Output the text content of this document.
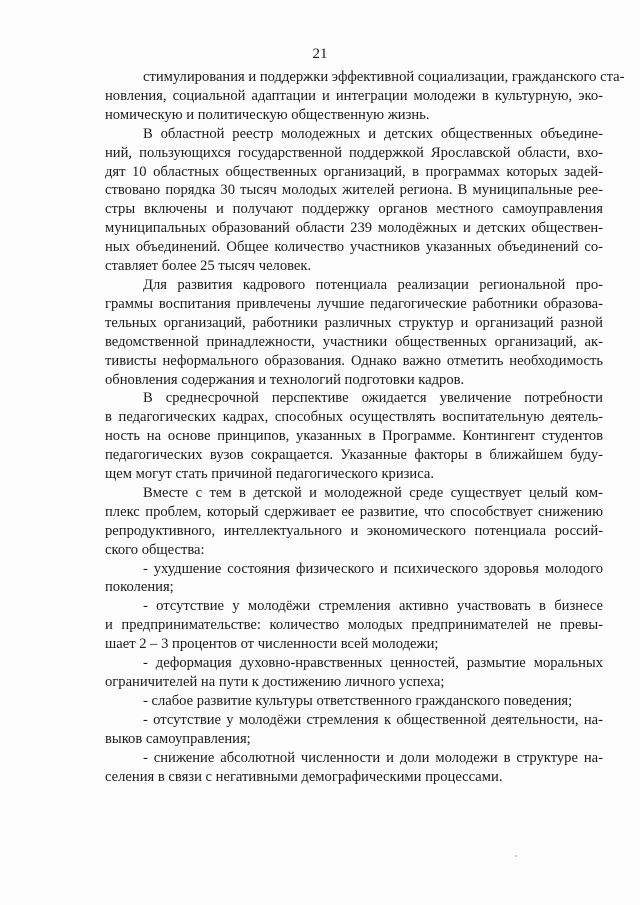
21
стимулирования и поддержки эффективной социализации, гражданского ста-
новления, социальной адаптации и интеграции молодежи в культурную, эко-
номическую и политическую общественную жизнь.
В областной реестр молодежных и детских общественных объедине-
ний, пользующихся государственной поддержкой Ярославской области, вхо-
дят 10 областных общественных организаций, в программах которых задей-
ствовано порядка 30 тысяч молодых жителей региона. В муниципальные рее-
стры включены и получают поддержку органов местного самоуправления
муниципальных образований области 239 молодёжных и детских обществен-
ных объединений. Общее количество участников указанных объединений со-
ставляет более 25 тысяч человек.
Для развития кадрового потенциала реализации региональной про-
граммы воспитания привлечены лучшие педагогические работники образова-
тельных организаций, работники различных структур и организаций разной
ведомственной принадлежности, участники общественных организаций, ак-
тивисты неформального образования. Однако важно отметить необходимость
обновления содержания и технологий подготовки кадров.
В среднесрочной перспективе ожидается увеличение потребности
в педагогических кадрах, способных осуществлять воспитательную деятель-
ность на основе принципов, указанных в Программе. Контингент студентов
педагогических вузов сокращается. Указанные факторы в ближайшем буду-
щем могут стать причиной педагогического кризиса.
Вместе с тем в детской и молодежной среде существует целый ком-
плекс проблем, который сдерживает ее развитие, что способствует снижению
репродуктивного, интеллектуального и экономического потенциала россий-
ского общества:
- ухудшение состояния физического и психического здоровья молодого
поколения;
- отсутствие у молодёжи стремления активно участвовать в бизнесе
и предпринимательстве: количество молодых предпринимателей не превы-
шает 2 – 3 процентов от численности всей молодежи;
- деформация духовно-нравственных ценностей, размытие моральных
ограничителей на пути к достижению личного успеха;
- слабое развитие культуры ответственного гражданского поведения;
- отсутствие у молодёжи стремления к общественной деятельности, на-
выков самоуправления;
- снижение абсолютной численности и доли молодежи в структуре на-
селения в связи с негативными демографическими процессами.
